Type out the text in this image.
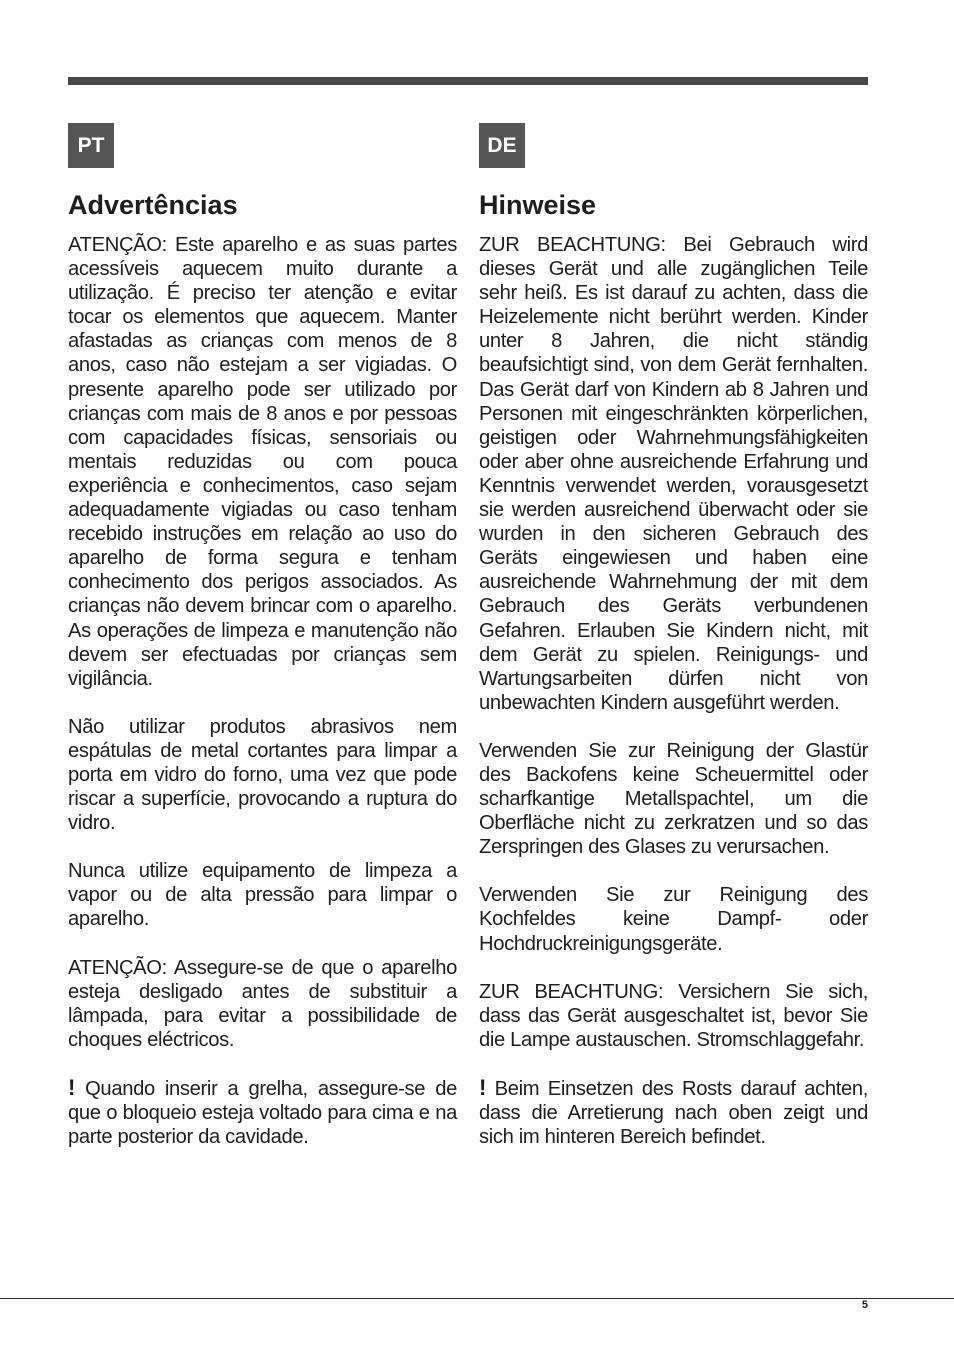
PT
Advertências

ATENÇÃO: Este aparelho e as suas partes acessíveis aquecem muito durante a utilização. É preciso ter atenção e evitar tocar os elementos que aquecem. Manter afastadas as crianças com menos de 8 anos, caso não estejam a ser vigiadas. O presente aparelho pode ser utilizado por crianças com mais de 8 anos e por pessoas com capacidades físicas, sensoriais ou mentais reduzidas ou com pouca experiência e conhecimentos, caso sejam adequadamente vigiadas ou caso tenham recebido instruções em relação ao uso do aparelho de forma segura e tenham conhecimento dos perigos associados. As crianças não devem brincar com o aparelho. As operações de limpeza e manutenção não devem ser efectuadas por crianças sem vigilância.

Não utilizar produtos abrasivos nem espátulas de metal cortantes para limpar a porta em vidro do forno, uma vez que pode riscar a superfície, provocando a ruptura do vidro.

Nunca utilize equipamento de limpeza a vapor ou de alta pressão para limpar o aparelho.

ATENÇÃO: Assegure-se de que o aparelho esteja desligado antes de substituir a lâmpada, para evitar a possibilidade de choques eléctricos.

! Quando inserir a grelha, assegure-se de que o bloqueio esteja voltado para cima e na parte posterior da cavidade.

DE
Hinweise

ZUR BEACHTUNG: Bei Gebrauch wird dieses Gerät und alle zugänglichen Teile sehr heiß. Es ist darauf zu achten, dass die Heizelemente nicht berührt werden. Kinder unter 8 Jahren, die nicht ständig beaufsichtigt sind, von dem Gerät fernhalten. Das Gerät darf von Kindern ab 8 Jahren und Personen mit eingeschränkten körperlichen, geistigen oder Wahrnehmungsfähigkeiten oder aber ohne ausreichende Erfahrung und Kenntnis verwendet werden, vorausgesetzt sie werden ausreichend überwacht oder sie wurden in den sicheren Gebrauch des Geräts eingewiesen und haben eine ausreichende Wahrnehmung der mit dem Gebrauch des Geräts verbundenen Gefahren. Erlauben Sie Kindern nicht, mit dem Gerät zu spielen. Reinigungs- und Wartungsarbeiten dürfen nicht von unbewachten Kindern ausgeführt werden.

Verwenden Sie zur Reinigung der Glastür des Backofens keine Scheuermittel oder scharfkantige Metallspachtel, um die Oberfläche nicht zu zerkratzen und so das Zerspringen des Glases zu verursachen.

Verwenden Sie zur Reinigung des Kochfeldes keine Dampf- oder Hochdruckreinigungsgeräte.

ZUR BEACHTUNG: Versichern Sie sich, dass das Gerät ausgeschaltet ist, bevor Sie die Lampe austauschen. Stromschlaggefahr.

! Beim Einsetzen des Rosts darauf achten, dass die Arretierung nach oben zeigt und sich im hinteren Bereich befindet.

5
